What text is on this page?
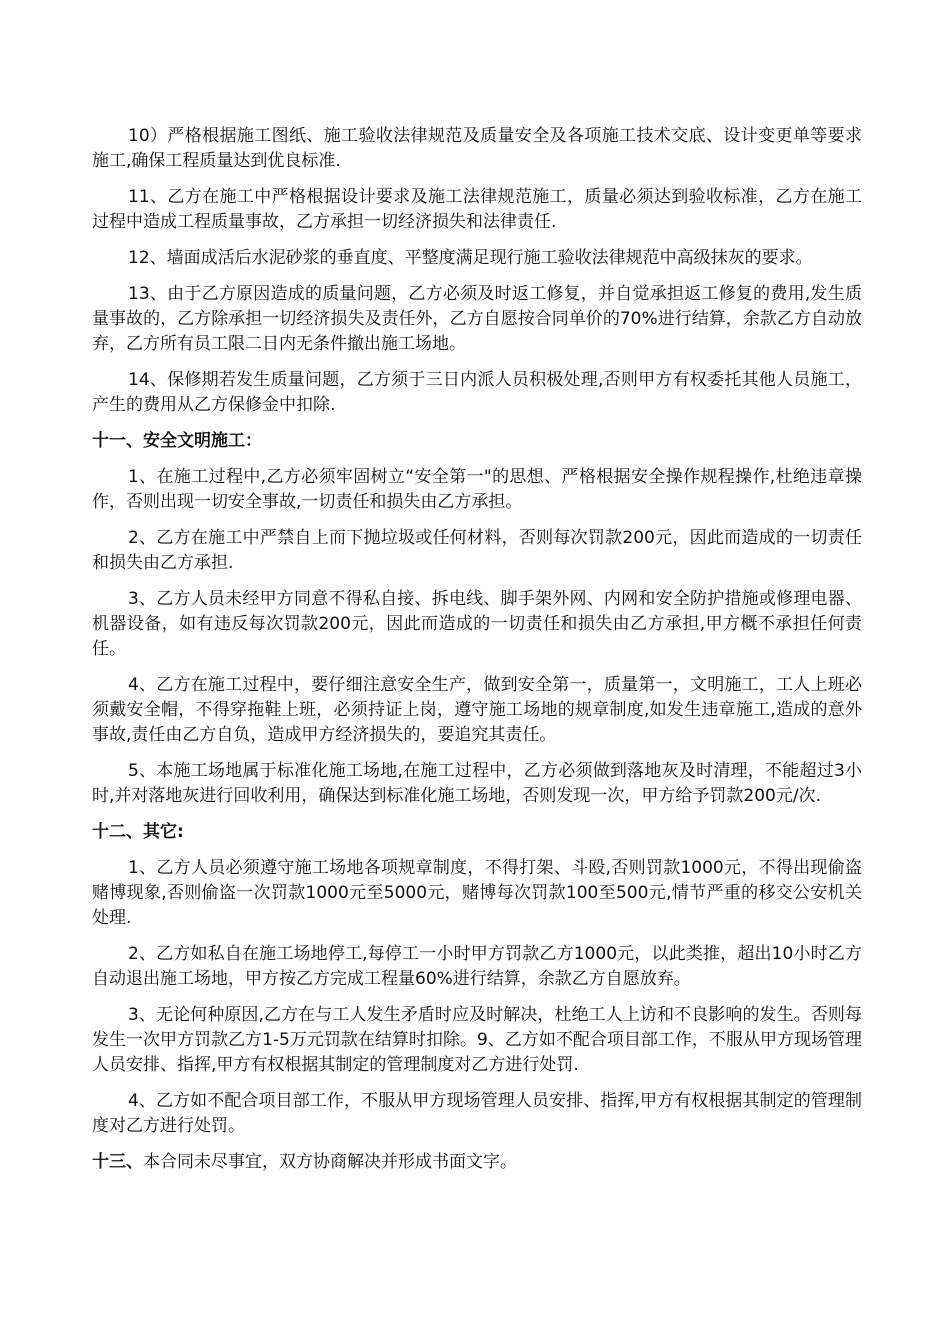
10）严格根据施工图纸、施工验收法律规范及质量安全及各项施工技术交底、设计变更单等要求施工,确保工程质量达到优良标准.

11、乙方在施工中严格根据设计要求及施工法律规范施工，质量必须达到验收标准，乙方在施工过程中造成工程质量事故，乙方承担一切经济损失和法律责任.

12、墙面成活后水泥砂浆的垂直度、平整度满足现行施工验收法律规范中高级抹灰的要求。

13、由于乙方原因造成的质量问题，乙方必须及时返工修复，并自觉承担返工修复的费用,发生质量事故的，乙方除承担一切经济损失及责任外，乙方自愿按合同单价的70%进行结算，余款乙方自动放弃，乙方所有员工限二日内无条件撤出施工场地。

14、保修期若发生质量问题，乙方须于三日内派人员积极处理,否则甲方有权委托其他人员施工，产生的费用从乙方保修金中扣除.

十一、安全文明施工：

1、在施工过程中,乙方必须牢固树立“安全第一"的思想、严格根据安全操作规程操作,杜绝违章操作，否则出现一切安全事故,一切责任和损失由乙方承担。

2、乙方在施工中严禁自上而下抛垃圾或任何材料，否则每次罚款200元，因此而造成的一切责任和损失由乙方承担.

3、乙方人员未经甲方同意不得私自接、拆电线、脚手架外网、内网和安全防护措施或修理电器、机器设备，如有违反每次罚款200元，因此而造成的一切责任和损失由乙方承担,甲方概不承担任何责任。

4、乙方在施工过程中，要仔细注意安全生产，做到安全第一，质量第一，文明施工，工人上班必须戴安全帽，不得穿拖鞋上班，必须持证上岗，遵守施工场地的规章制度,如发生违章施工,造成的意外事故,责任由乙方自负，造成甲方经济损失的，要追究其责任。

5、本施工场地属于标准化施工场地,在施工过程中，乙方必须做到落地灰及时清理，不能超过3小时,并对落地灰进行回收利用，确保达到标准化施工场地，否则发现一次，甲方给予罚款200元/次.

十二、其它:

1、乙方人员必须遵守施工场地各项规章制度，不得打架、斗殴,否则罚款1000元，不得出现偷盗赌博现象,否则偷盗一次罚款1000元至5000元，赌博每次罚款100至500元,情节严重的移交公安机关处理.

2、乙方如私自在施工场地停工,每停工一小时甲方罚款乙方1000元，以此类推，超出10小时乙方自动退出施工场地，甲方按乙方完成工程量60%进行结算，余款乙方自愿放弃。

3、无论何种原因,乙方在与工人发生矛盾时应及时解决，杜绝工人上访和不良影响的发生。否则每发生一次甲方罚款乙方1-5万元罚款在结算时扣除。9、乙方如不配合项目部工作，不服从甲方现场管理人员安排、指挥,甲方有权根据其制定的管理制度对乙方进行处罚.

4、乙方如不配合项目部工作，不服从甲方现场管理人员安排、指挥,甲方有权根据其制定的管理制度对乙方进行处罚。

十三、本合同未尽事宜，双方协商解决并形成书面文字。
